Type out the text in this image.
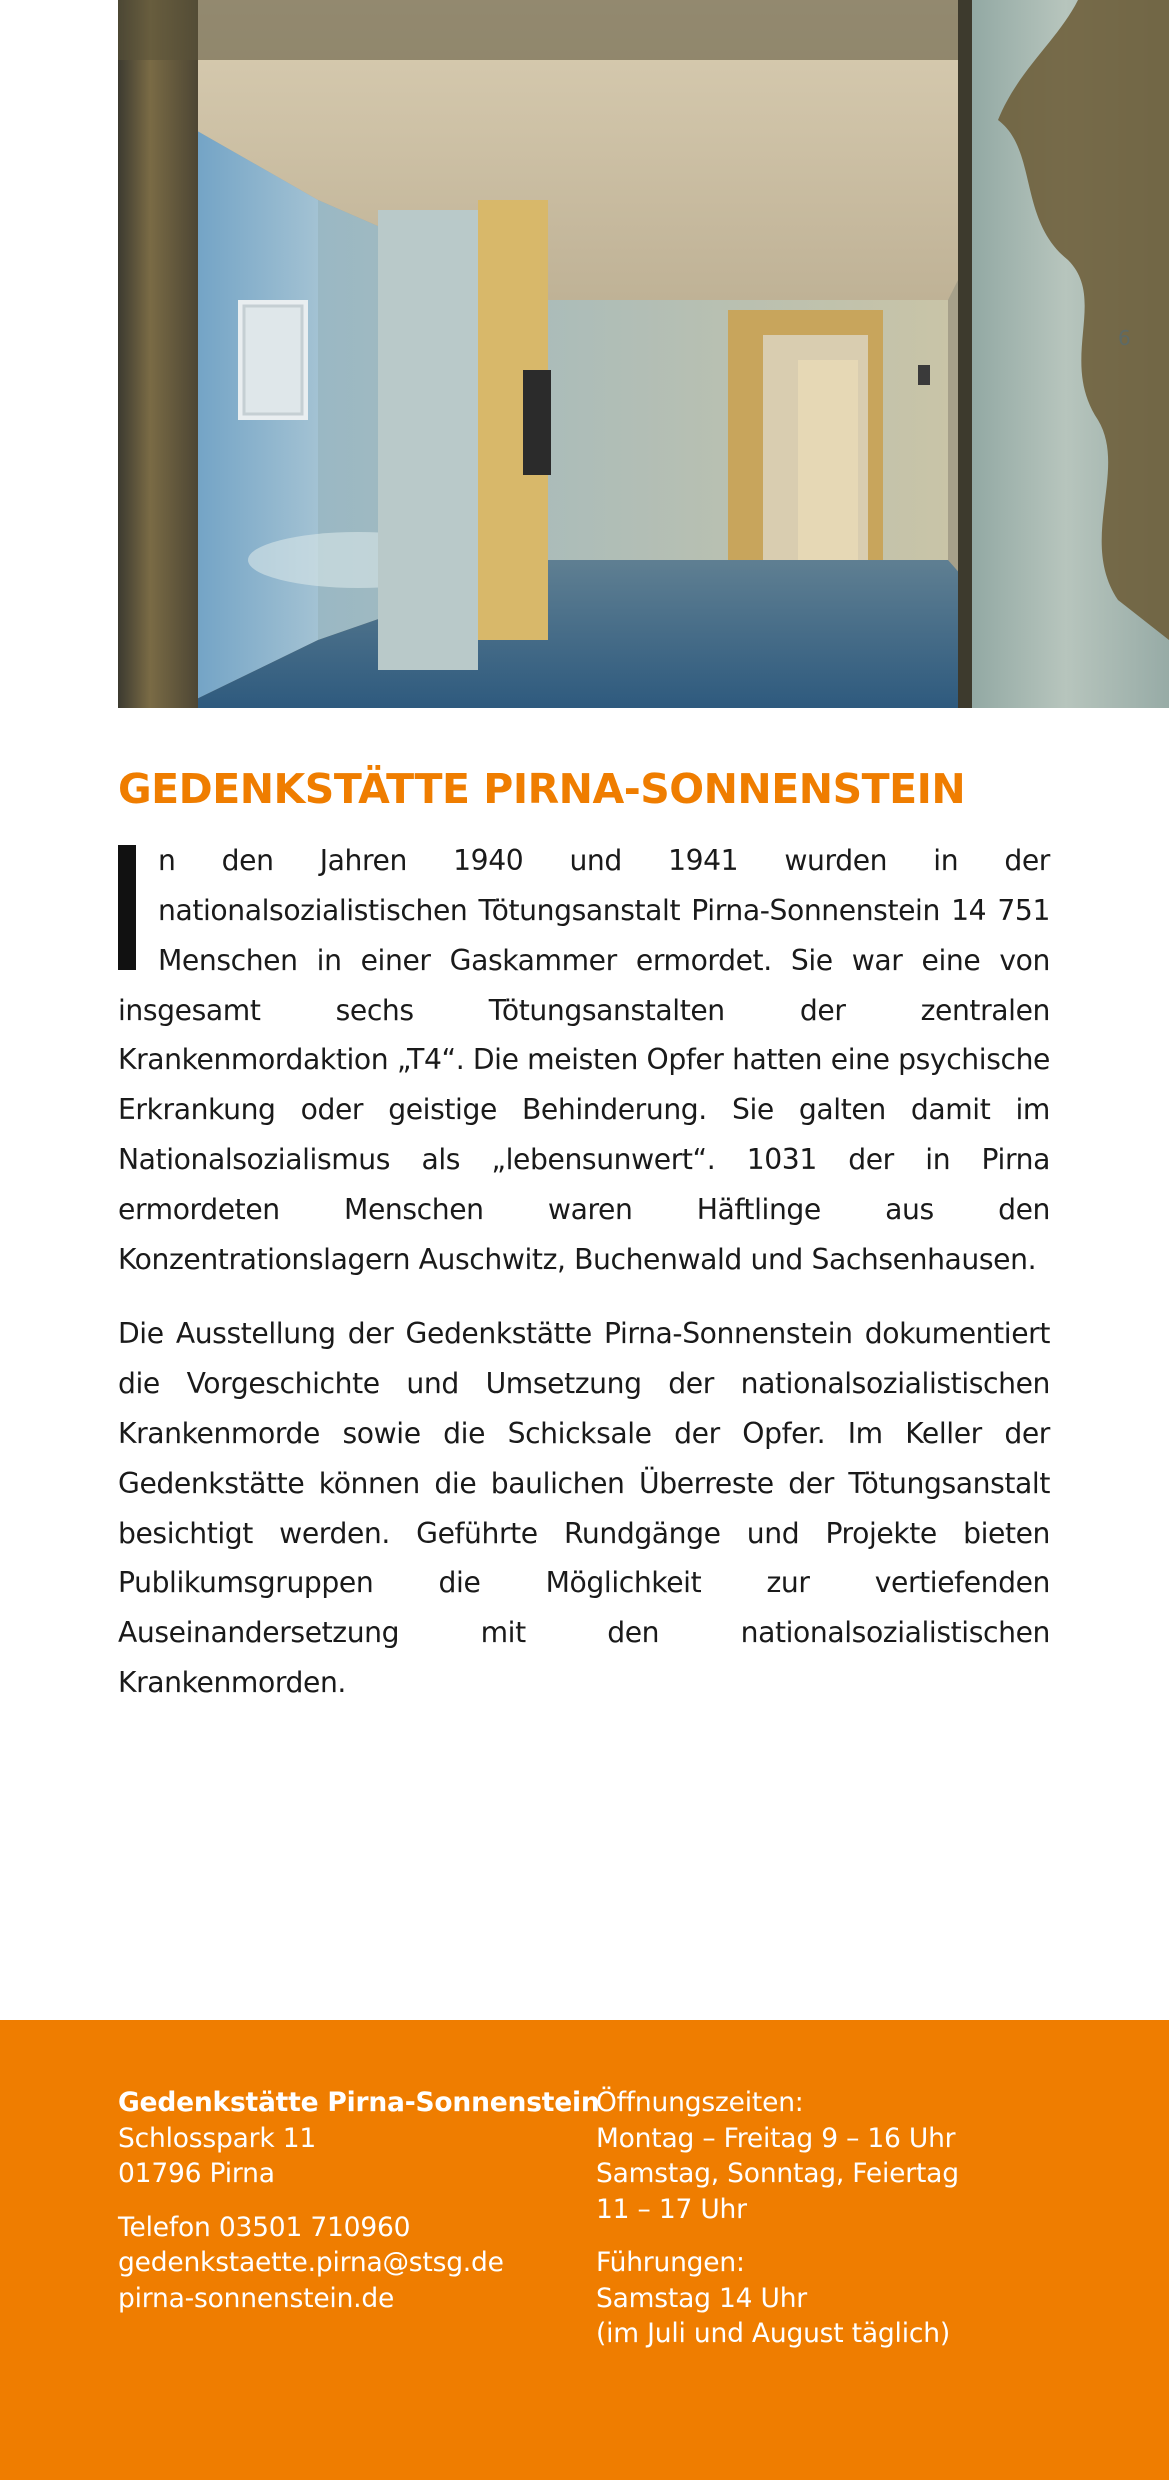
6
GEDENKSTÄTTE PIRNA-SONNENSTEIN

n den Jahren 1940 und 1941 wurden in der nationalsozialistischen Tötungsanstalt Pirna-Sonnenstein 14 751 Menschen in einer Gaskammer ermordet. Sie war eine von insgesamt sechs Tötungsanstalten der zentralen Krankenmordaktion „T4“. Die meisten Opfer hatten eine psychische Erkrankung oder geistige Behinderung. Sie galten damit im Nationalsozialismus als „lebensunwert“. 1031 der in Pirna ermordeten Menschen waren Häftlinge aus den Konzentrationslagern Auschwitz, Buchenwald und Sachsenhausen.

Die Ausstellung der Gedenkstätte Pirna-Sonnenstein dokumentiert die Vorgeschichte und Umsetzung der nationalsozialistischen Krankenmorde sowie die Schicksale der Opfer. Im Keller der Gedenkstätte können die baulichen Überreste der Tötungsanstalt besichtigt werden. Geführte Rundgänge und Projekte bieten Publikumsgruppen die Möglichkeit zur vertiefenden Auseinandersetzung mit den nationalsozialistischen Krankenmorden.

Gedenkstätte Pirna-Sonnenstein
Schlosspark 11
01796 Pirna
Telefon 03501 710960
gedenkstaette.pirna@stsg.de
pirna-sonnenstein.de
Öffnungszeiten:
Montag – Freitag 9 – 16 Uhr
Samstag, Sonntag, Feiertag
11 – 17 Uhr
Führungen:
Samstag 14 Uhr
(im Juli und August täglich)
